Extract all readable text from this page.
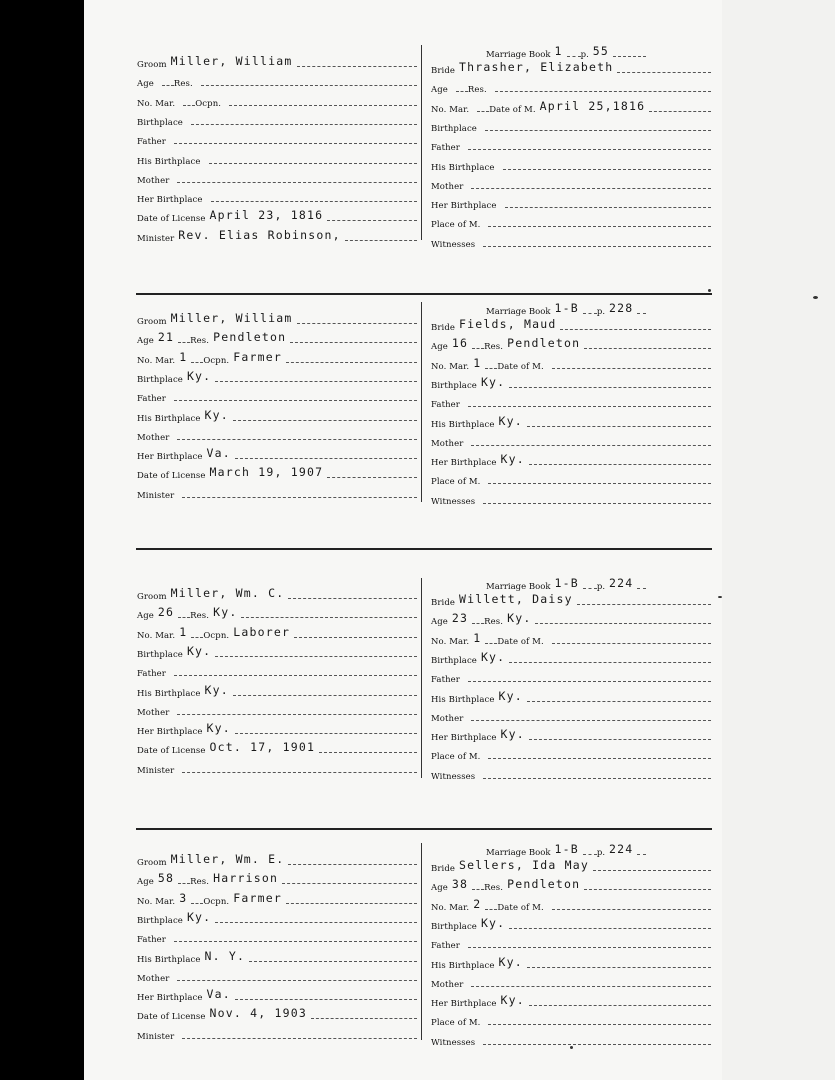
Groom Miller, William
Age Res.
No. Mar. Ocpn.
Birthplace
Father
His Birthplace
Mother
Her Birthplace
Date of License April 23, 1816
Minister Rev. Elias Robinson,
Marriage Book 1	p. 55
Bride Thrasher, Elizabeth
Age Res.
No. Mar. Date of M. April 25,1816
Birthplace
Father
His Birthplace
Mother
Her Birthplace
Place of M.
Witnesses
Groom Miller, William
Age 21	Res. Pendleton
No. Mar. 1	Ocpn. Farmer
Birthplace Ky.
Father
His Birthplace Ky.
Mother
Her Birthplace Va.
Date of License March 19, 1907
Minister
Marriage Book 1-B	p. 228
Bride Fields, Maud
Age 16	Res. Pendleton
No. Mar. 1	Date of M.
Birthplace Ky.
Father
His Birthplace Ky.
Mother
Her Birthplace Ky.
Place of M.
Witnesses
Groom Miller, Wm. C.
Age 26	Res. Ky.
No. Mar. 1	Ocpn. Laborer
Birthplace Ky.
Father
His Birthplace Ky.
Mother
Her Birthplace Ky.
Date of License Oct. 17, 1901
Minister
Marriage Book 1-B	p. 224
Bride Willett, Daisy
Age 23	Res. Ky.
No. Mar. 1	Date of M.
Birthplace Ky.
Father
His Birthplace Ky.
Mother
Her Birthplace Ky.
Place of M.
Witnesses
Groom Miller, Wm. E.
Age 58	Res. Harrison
No. Mar. 3	Ocpn. Farmer
Birthplace Ky.
Father
His Birthplace N. Y.
Mother
Her Birthplace Va.
Date of License Nov. 4, 1903
Minister
Marriage Book 1-B	p. 224
Bride Sellers, Ida May
Age 38	Res. Pendleton
No. Mar. 2	Date of M.
Birthplace Ky.
Father
His Birthplace Ky.
Mother
Her Birthplace Ky.
Place of M.
Witnesses
